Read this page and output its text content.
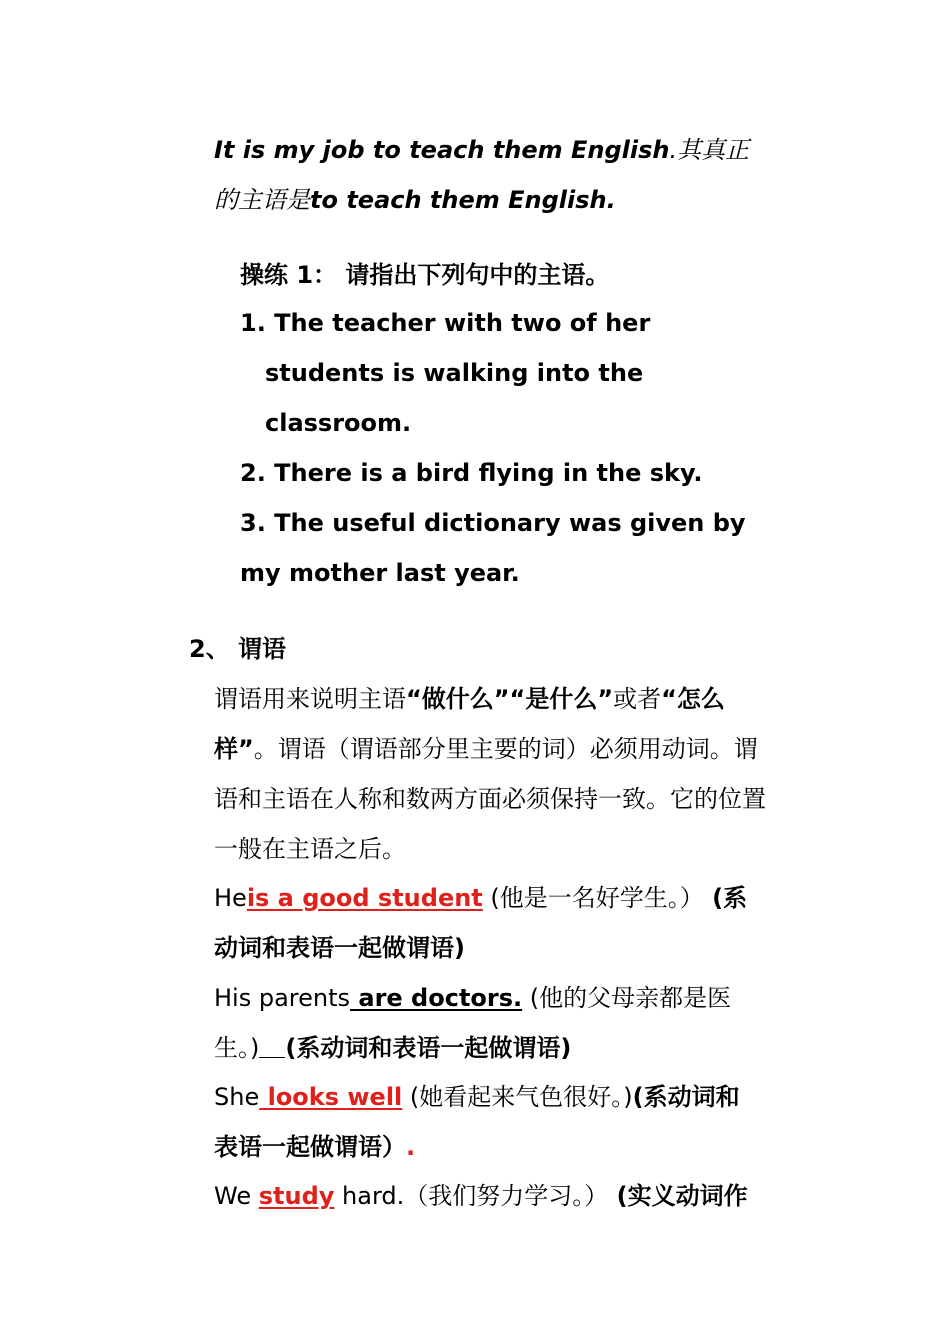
It is my job to teach them English.其真正
的主语是to teach them English.
操练 1： 请指出下列句中的主语。
1. The teacher with two of her
students is walking into the
classroom.
2. There is a bird flying in the sky.
3. The useful dictionary was given by
my mother last year.
2、 谓语
谓语用来说明主语“做什么”“是什么”或者“怎么
样”。谓语（谓语部分里主要的词）必须用动词。谓
语和主语在人称和数两方面必须保持一致。它的位置
一般在主语之后。
Heis a good student (他是一名好学生。） (系
动词和表语一起做谓语)
His parents are doctors. (他的父母亲都是医
生。) (系动词和表语一起做谓语)
She looks well (她看起来气色很好。)(系动词和
表语一起做谓语）.
We study hard.（我们努力学习。） (实义动词作
